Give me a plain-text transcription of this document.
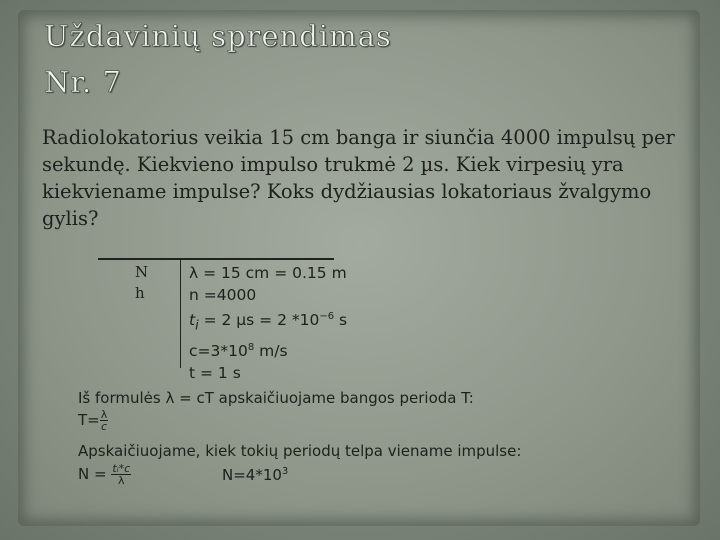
Uždavinių sprendimas
Nr. 7

Radiolokatorius veikia 15 cm banga ir siunčia 4000 impulsų per sekundę. Kiekvieno impulso trukmė 2 µs. Kiek virpesių yra kiekviename impulse? Koks dydžiausias lokatoriaus žvalgymo gylis?

N
h
λ = 15 cm = 0.15 m
n =4000
$t_i = 2$ µs = 2 $*10^{-6}$ s
$c=3*10^8$ m/s
t = 1 s
Iš formulės λ = cT apskaičiuojame bangos perioda T:
$T= \frac{\lambda}{c}$
Apskaičiuojame, kiek tokių periodų telpa viename impulse:
$N = \frac{\text{tᵢ*c}}{\lambda}$	$N=4*10^3$
